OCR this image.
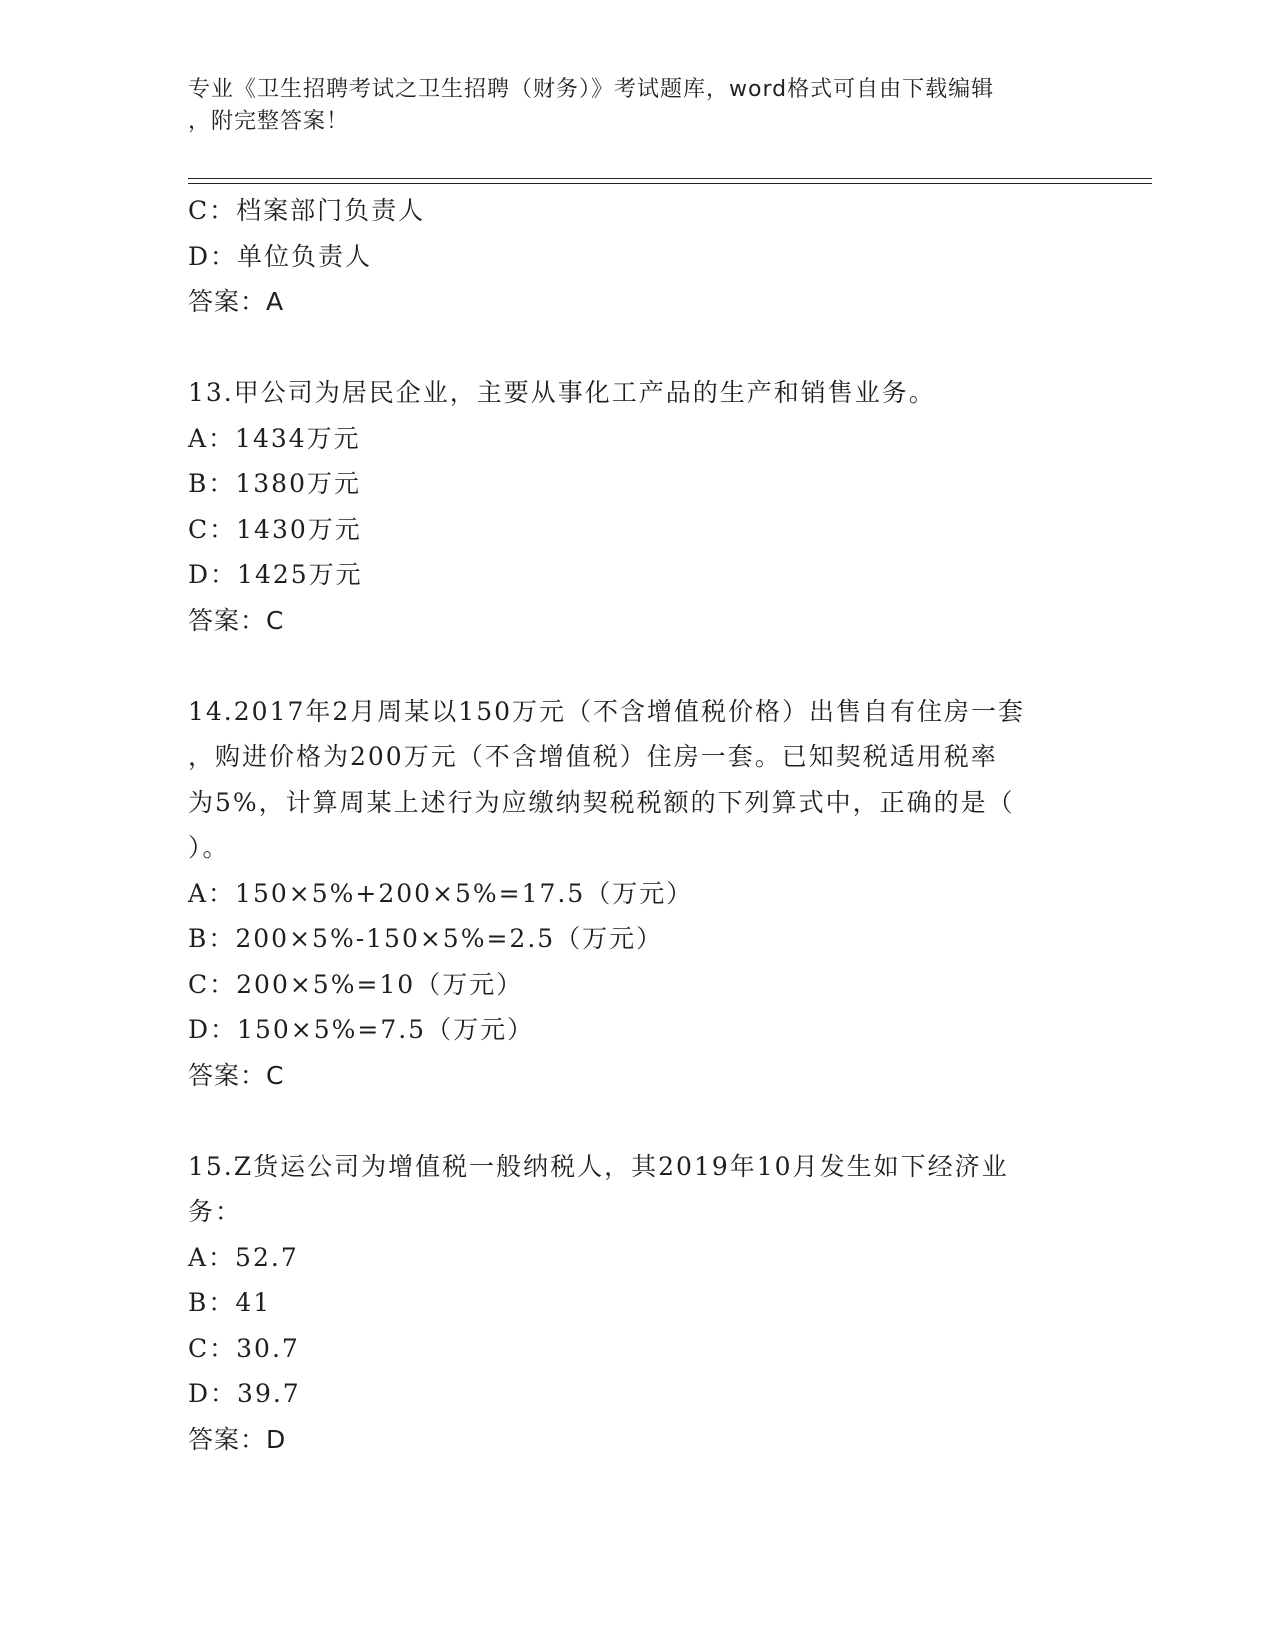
专业《卫生招聘考试之卫生招聘（财务）》考试题库，word格式可自由下载编辑
，附完整答案！
C：档案部门负责人
D：单位负责人
答案：A
13.甲公司为居民企业，主要从事化工产品的生产和销售业务。
A：1434万元
B：1380万元
C：1430万元
D：1425万元
答案：C
14.2017年2月周某以150万元（不含增值税价格）出售自有住房一套
，购进价格为200万元（不含增值税）住房一套。已知契税适用税率
为5%，计算周某上述行为应缴纳契税税额的下列算式中，正确的是（
）。
A：150×5%+200×5%=17.5（万元）
B：200×5%-150×5%=2.5（万元）
C：200×5%=10（万元）
D：150×5%=7.5（万元）
答案：C
15.Z货运公司为增值税一般纳税人，其2019年10月发生如下经济业
务：
A：52.7
B：41
C：30.7
D：39.7
答案：D
